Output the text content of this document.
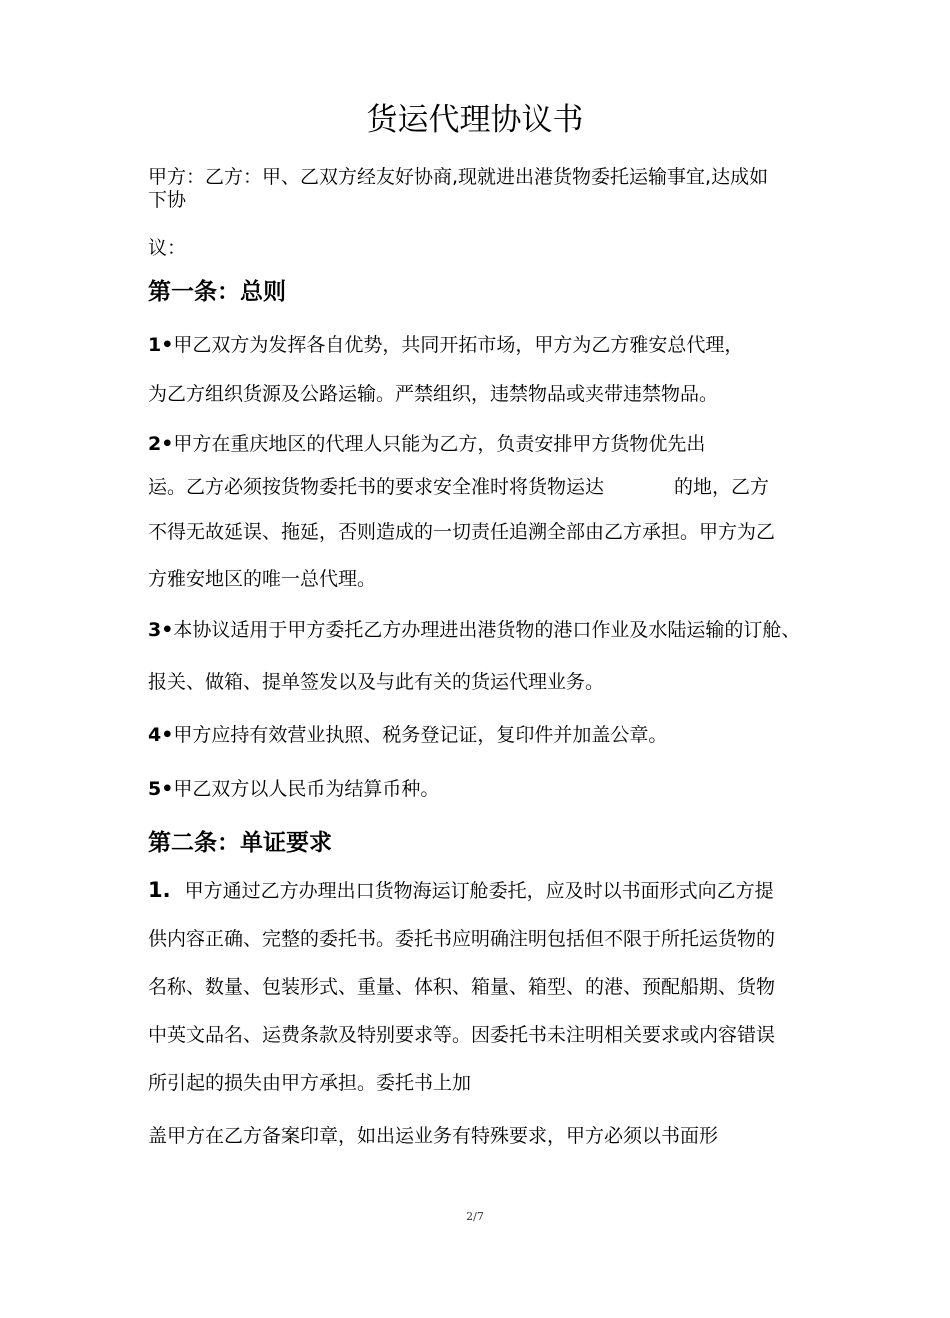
货运代理协议书
甲方：乙方：甲、乙双方经友好协商,现就进出港货物委托运输事宜,达成如
下协
议：
第一条：总则
1•甲乙双方为发挥各自优势，共同开拓市场，甲方为乙方雅安总代理，
为乙方组织货源及公路运输。严禁组织，违禁物品或夹带违禁物品。
2•甲方在重庆地区的代理人只能为乙方，负责安排甲方货物优先出
运。乙方必须按货物委托书的要求安全准时将货物运达	的地，乙方
不得无故延误、拖延，否则造成的一切责任追溯全部由乙方承担。甲方为乙
方雅安地区的唯一总代理。
3•本协议适用于甲方委托乙方办理进出港货物的港口作业及水陆运输的订舱、
报关、做箱、提单签发以及与此有关的货运代理业务。
4•甲方应持有效营业执照、税务登记证，复印件并加盖公章。
5•甲乙双方以人民币为结算币种。
第二条：单证要求
1. 甲方通过乙方办理出口货物海运订舱委托，应及时以书面形式向乙方提
供内容正确、完整的委托书。委托书应明确注明包括但不限于所托运货物的
名称、数量、包装形式、重量、体积、箱量、箱型、的港、预配船期、货物
中英文品名、运费条款及特别要求等。因委托书未注明相关要求或内容错误
所引起的损失由甲方承担。委托书上加
盖甲方在乙方备案印章，如出运业务有特殊要求，甲方必须以书面形
2/7
